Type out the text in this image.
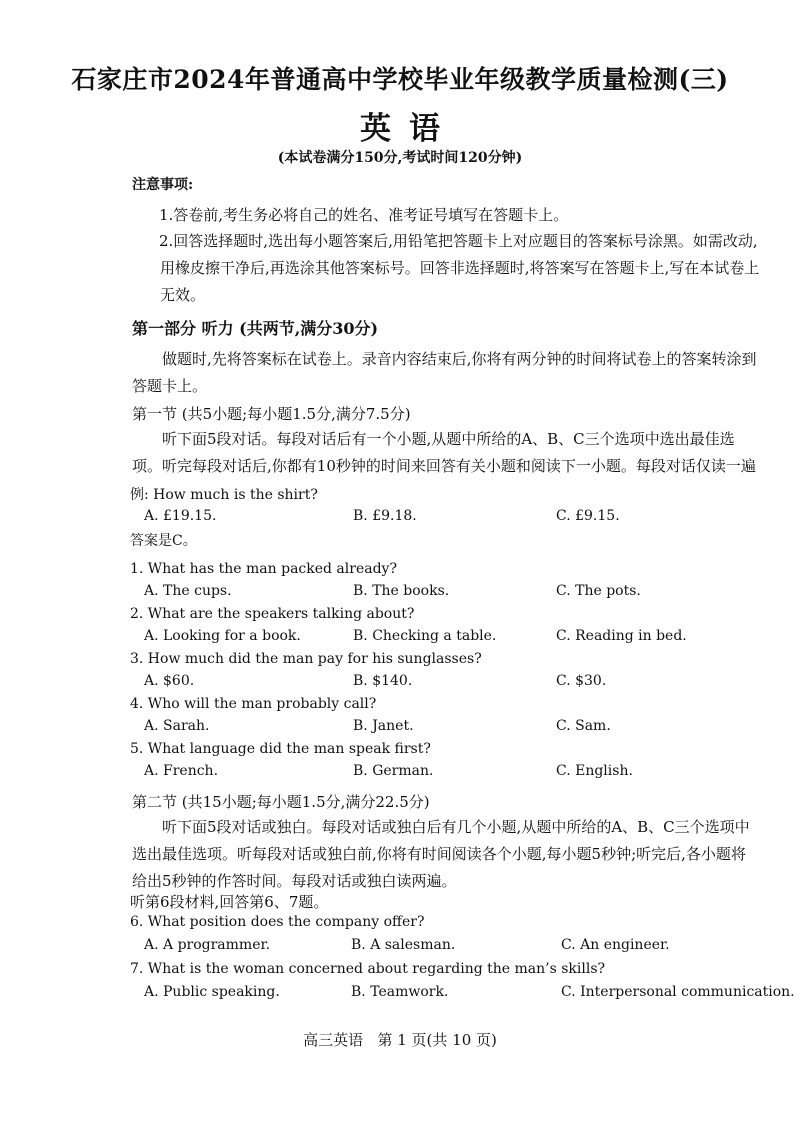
石家庄市2024年普通高中学校毕业年级教学质量检测(三)
英语
(本试卷满分150分,考试时间120分钟)
注意事项:
1.答卷前,考生务必将自己的姓名、准考证号填写在答题卡上。
2.回答选择题时,选出每小题答案后,用铅笔把答题卡上对应题目的答案标号涂黑。如需改动,用橡皮擦干净后,再选涂其他答案标号。回答非选择题时,将答案写在答题卡上,写在本试卷上无效。
第一部分 听力 (共两节,满分30分)
做题时,先将答案标在试卷上。录音内容结束后,你将有两分钟的时间将试卷上的答案转涂到答题卡上。
第一节 (共5小题;每小题1.5分,满分7.5分)
听下面5段对话。每段对话后有一个小题,从题中所给的A、B、C三个选项中选出最佳选项。听完每段对话后,你都有10秒钟的时间来回答有关小题和阅读下一小题。每段对话仅读一遍
例: How much is the shirt?
A. £19.15.	B. £9.18.	C. £9.15.
答案是C。
1. What has the man packed already?
A. The cups.	B. The books.	C. The pots.
2. What are the speakers talking about?
A. Looking for a book.	B. Checking a table.	C. Reading in bed.
3. How much did the man pay for his sunglasses?
A. $60.	B. $140.	C. $30.
4. Who will the man probably call?
A. Sarah.	B. Janet.	C. Sam.
5. What language did the man speak first?
A. French.	B. German.	C. English.
第二节 (共15小题;每小题1.5分,满分22.5分)
听下面5段对话或独白。每段对话或独白后有几个小题,从题中所给的A、B、C三个选项中选出最佳选项。听每段对话或独白前,你将有时间阅读各个小题,每小题5秒钟;听完后,各小题将给出5秒钟的作答时间。每段对话或独白读两遍。
听第6段材料,回答第6、7题。
6. What position does the company offer?
A. A programmer.	B. A salesman.	C. An engineer.
7. What is the woman concerned about regarding the man’s skills?
A. Public speaking.	B. Teamwork.	C. Interpersonal communication.
高三英语   第 1 页(共 10 页)
